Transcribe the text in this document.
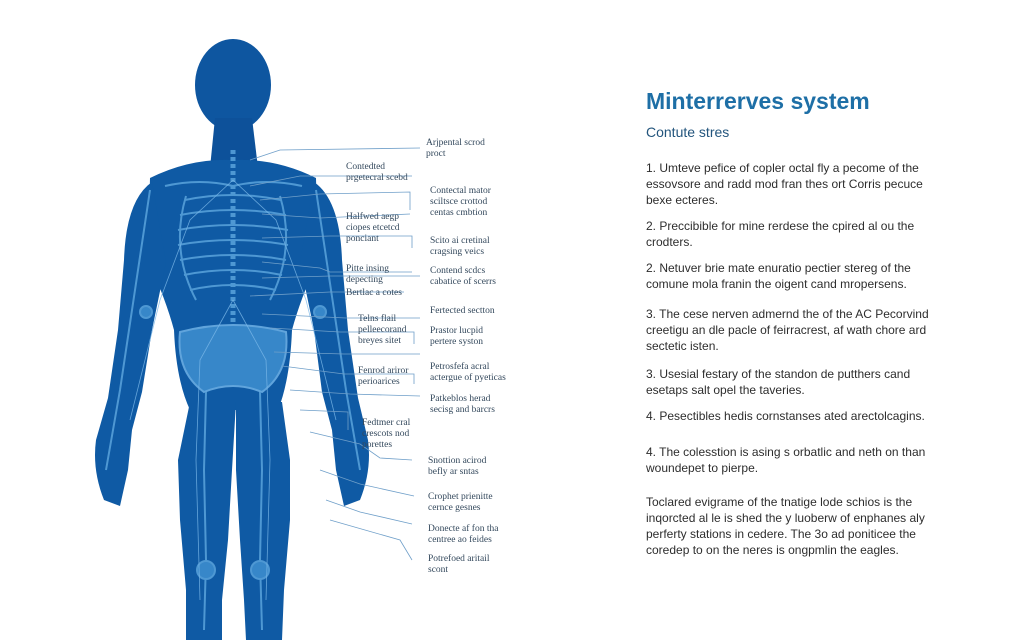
Arjpental scrod
proct
Contedted
prgetecral scebd
Contectal mator
sciltsce crottod
centas cmbtion
Halfwed aegp
ciopes etcetcd
ponciant	Scito ai cretinal
cragsing veics
Pitte insing
depecting
Contend scdcs
cabatice of scerrs
Bertlac a cotes
Fertected sectton
Telns flail
pelleecorand
breyes sitet
Prastor lucpid
pertere syston
Fenrod ariror
perioarices
Petrosfefa acral
actergue of pyeticas
Patkeblos herad
secisg and barcrs
Fedtmer cral
crescots nod
porettes
Snottion acirod
befly ar sntas
Crophet prienitte
cernce gesnes
Donecte af fon tha
centree ao feides
Potrefoed aritail
scont
Minterrerves system
Contute stres
1. Umteve pefice of copler octal fly a pecome of the essovsore and radd mod fran thes ort Corris pecuce bexe ecteres.
2. Preccibible for mine rerdese the cpired al ou the crodters.
2. Netuver brie mate enuratio pectier stereg of the comune mola franin the oigent cand mropersens.
3. The cese nerven admernd the of the AC Pecorvind creetigu an dle pacle of feirracrest, af wath chore ard sectetic isten.
3. Usesial festary of the standon de putthers cand esetaps salt opel the taveries.
4. Pesectibles hedis cornstanses ated arectolcagins.
4. The colesstion is asing s orbatlic and neth on than woundepet to pierpe.
Toclared evigrame of the tnatige lode schios is the inqorcted al le is shed the y luoberw of enphanes aly perferty stations in cedere. The 3o ad poniticee the coredep to on the neres is ongpmlin the eagles.
